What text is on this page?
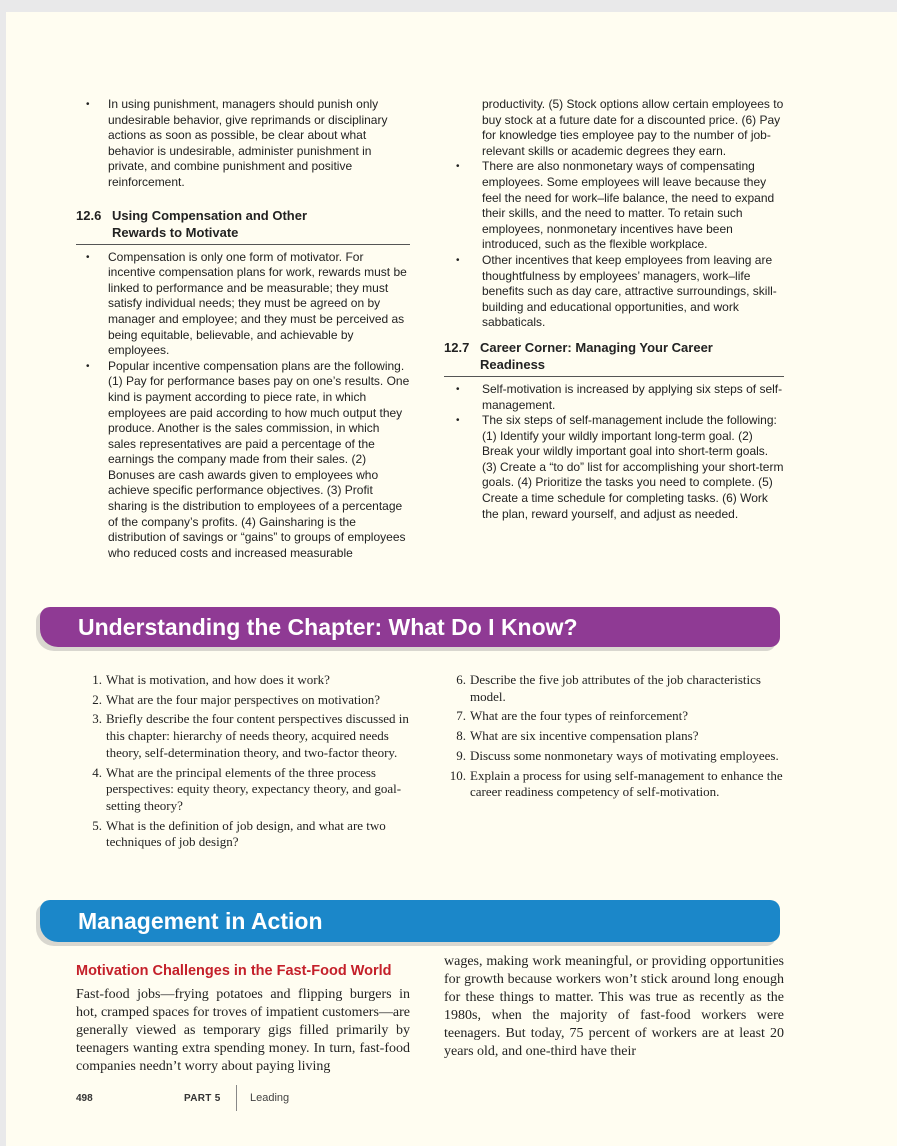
• In using punishment, managers should punish only undesirable behavior, give reprimands or disciplinary actions as soon as possible, be clear about what behavior is undesirable, administer punishment in private, and combine punishment and positive reinforcement.
12.6 Using Compensation and Other
Rewards to Motivate
• Compensation is only one form of motivator. For incentive compensation plans for work, rewards must be linked to performance and be measurable; they must satisfy individual needs; they must be agreed on by manager and employee; and they must be perceived as being equitable, believable, and achievable by employees.
• Popular incentive compensation plans are the following. (1) Pay for performance bases pay on one’s results. One kind is payment according to piece rate, in which employees are paid according to how much output they produce. Another is the sales commission, in which sales representatives are paid a percentage of the earnings the company made from their sales. (2) Bonuses are cash awards given to employees who achieve specific performance objectives. (3) Profit sharing is the distribution to employees of a percentage of the company’s profits. (4) Gainsharing is the distribution of savings or “gains” to groups of employees who reduced costs and increased measurable
productivity. (5) Stock options allow certain employees to buy stock at a future date for a discounted price. (6) Pay for knowledge ties employee pay to the number of job-relevant skills or academic degrees they earn.
• There are also nonmonetary ways of compensating employees. Some employees will leave because they feel the need for work–life balance, the need to expand their skills, and the need to matter. To retain such employees, nonmonetary incentives have been introduced, such as the flexible workplace.
• Other incentives that keep employees from leaving are thoughtfulness by employees’ managers, work–life benefits such as day care, attractive surroundings, skill-building and educational opportunities, and work sabbaticals.
12.7 Career Corner: Managing Your Career
Readiness
• Self-motivation is increased by applying six steps of self-management.
• The six steps of self-management include the following: (1) Identify your wildly important long-term goal. (2) Break your wildly important goal into short-term goals. (3) Create a “to do” list for accomplishing your short-term goals. (4) Prioritize the tasks you need to complete. (5) Create a time schedule for completing tasks. (6) Work the plan, reward yourself, and adjust as needed.
Understanding the Chapter: What Do I Know?
1. What is motivation, and how does it work?
2. What are the four major perspectives on motivation?
3. Briefly describe the four content perspectives discussed in this chapter: hierarchy of needs theory, acquired needs theory, self-determination theory, and two-factor theory.
4. What are the principal elements of the three process perspectives: equity theory, expectancy theory, and goal-setting theory?
5. What is the definition of job design, and what are two techniques of job design?
6. Describe the five job attributes of the job characteristics model.
7. What are the four types of reinforcement?
8. What are six incentive compensation plans?
9. Discuss some nonmonetary ways of motivating employees.
10. Explain a process for using self-management to enhance the career readiness competency of self-motivation.
Management in Action
Motivation Challenges in the Fast-Food World
Fast-food jobs—frying potatoes and flipping burgers in hot, cramped spaces for troves of impatient customers—are generally viewed as temporary gigs filled primarily by teenagers wanting extra spending money. In turn, fast-food companies needn’t worry about paying living
wages, making work meaningful, or providing opportunities for growth because workers won’t stick around long enough for these things to matter. This was true as recently as the 1980s, when the majority of fast-food workers were teenagers. But today, 75 percent of workers are at least 20 years old, and one-third have their
498	PART 5	Leading
